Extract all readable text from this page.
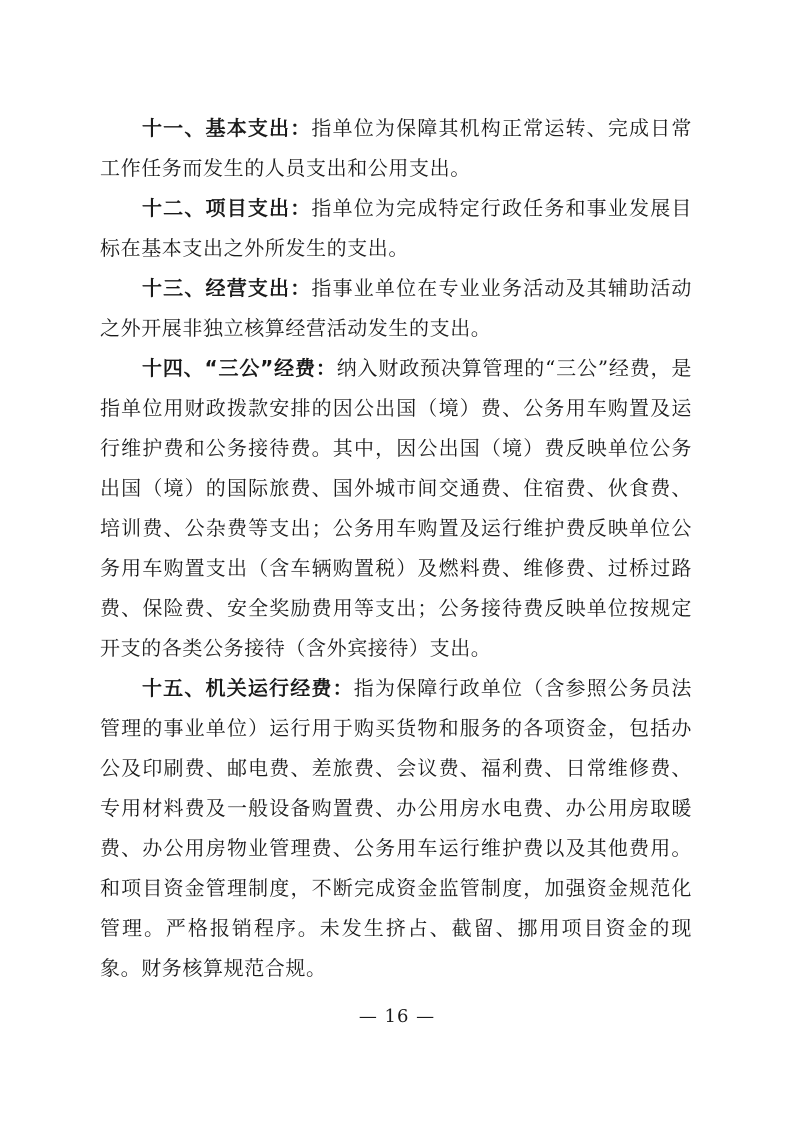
十一、基本支出：指单位为保障其机构正常运转、完成日常工作任务而发生的人员支出和公用支出。

十二、项目支出：指单位为完成特定行政任务和事业发展目标在基本支出之外所发生的支出。

十三、经营支出：指事业单位在专业业务活动及其辅助活动之外开展非独立核算经营活动发生的支出。

十四、“三公”经费：纳入财政预决算管理的“三公”经费，是指单位用财政拨款安排的因公出国（境）费、公务用车购置及运行维护费和公务接待费。其中，因公出国（境）费反映单位公务出国（境）的国际旅费、国外城市间交通费、住宿费、伙食费、培训费、公杂费等支出；公务用车购置及运行维护费反映单位公务用车购置支出（含车辆购置税）及燃料费、维修费、过桥过路费、保险费、安全奖励费用等支出；公务接待费反映单位按规定开支的各类公务接待（含外宾接待）支出。

十五、机关运行经费：指为保障行政单位（含参照公务员法管理的事业单位）运行用于购买货物和服务的各项资金，包括办公及印刷费、邮电费、差旅费、会议费、福利费、日常维修费、专用材料费及一般设备购置费、办公用房水电费、办公用房取暖费、办公用房物业管理费、公务用车运行维护费以及其他费用。和项目资金管理制度，不断完成资金监管制度，加强资金规范化管理。严格报销程序。未发生挤占、截留、挪用项目资金的现象。财务核算规范合规。

— 16 —
